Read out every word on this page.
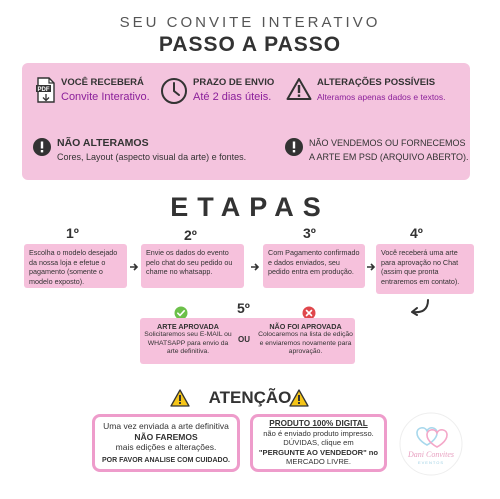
SEU CONVITE INTERATIVO
PASSO A PASSO
PDF
VOCÊ RECEBERÁ
Convite Interativo.
PRAZO DE ENVIO
Até 2 dias úteis.
ALTERAÇÕES POSSÍVEIS
Alteramos apenas dados e textos.
NÃO ALTERAMOS
Cores, Layout (aspecto visual da arte) e fontes.
NÃO VENDEMOS OU FORNECEMOS
A ARTE EM PSD (ARQUIVO ABERTO).
ETAPAS
1º	2º	3º	4º
Escolha o modelo desejado da nossa loja e efetue o pagamento (somente o modelo exposto).
Envie os dados do evento pelo chat do seu pedido ou chame no whatsapp.
Com Pagamento confirmado e dados enviados, seu pedido entra em produção.
Você receberá uma arte para aprovação no Chat (assim que pronta entraremos em contato).
5º
ARTE APROVADA
Solicitaremos seu E-MAIL ou WHATSAPP para envio da arte definitiva.
OU
NÃO FOI APROVADA
Colocaremos na lista de edição e enviaremos novamente para aprovação.
ATENÇÃO
Uma vez enviada a arte definitiva
NÃO FAREMOS
mais edições e alterações.
POR FAVOR ANALISE COM CUIDADO.
PRODUTO 100% DIGITAL
não é enviado produto impresso.
DÚVIDAS, clique em
"PERGUNTE AO VENDEDOR" no
MERCADO LIVRE.
Dani Convites
EVENTOS
